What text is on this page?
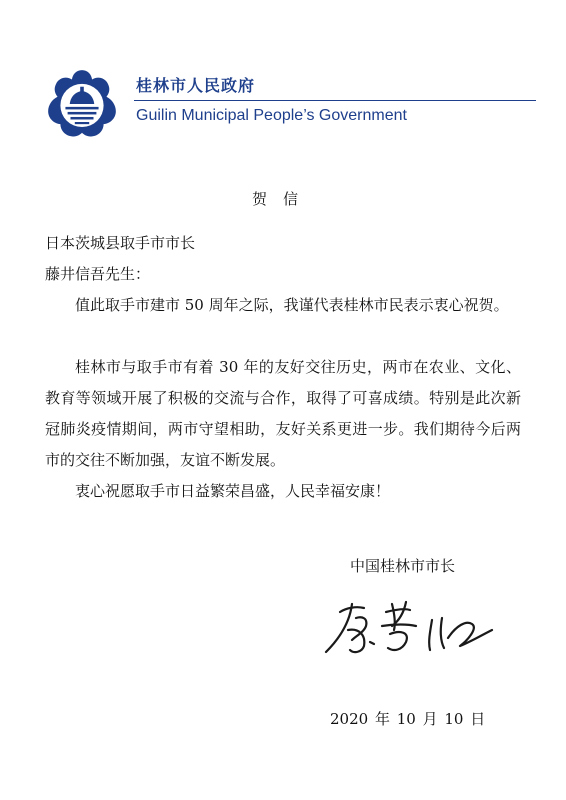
桂林市人民政府

Guilin Municipal People’s Government

贺信

日本茨城县取手市市长

藤井信吾先生：

值此取手市建市 50 周年之际，我谨代表桂林市民表示衷心祝贺。

桂林市与取手市有着 30 年的友好交往历史，两市在农业、文化、教育等领域开展了积极的交流与合作，取得了可喜成绩。特别是此次新冠肺炎疫情期间，两市守望相助，友好关系更进一步。我们期待今后两市的交往不断加强，友谊不断发展。

衷心祝愿取手市日益繁荣昌盛，人民幸福安康！

中国桂林市市长

2020 年 10 月 10 日
